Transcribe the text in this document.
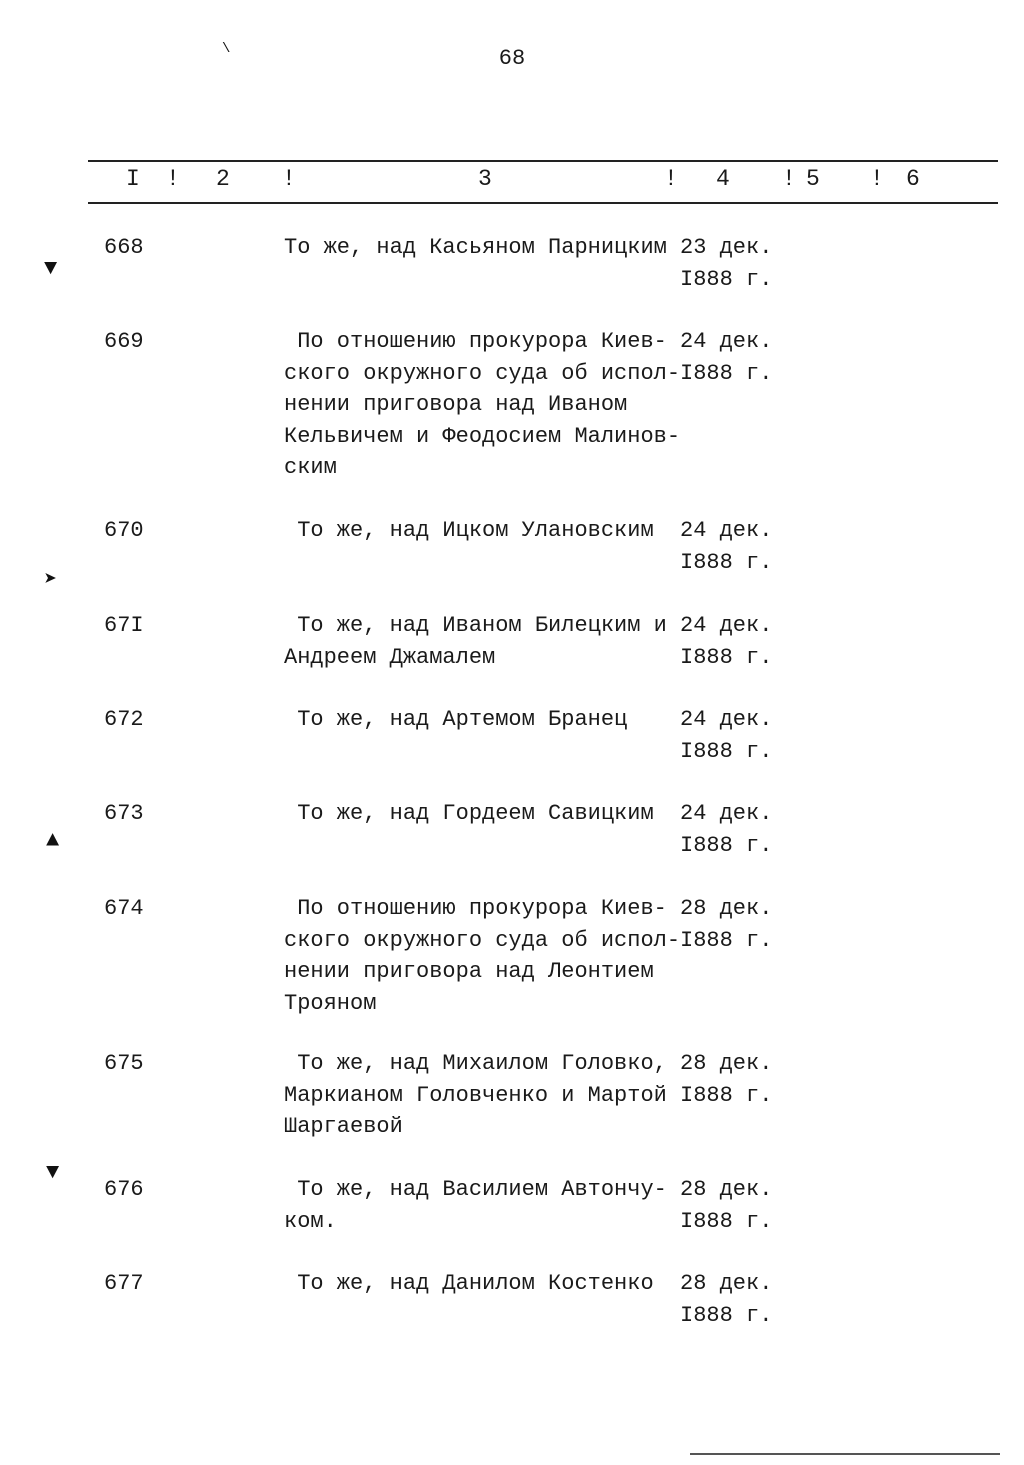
68
I ! 2 !	3	! 4 ! 5 ! 6
668	То же, над Касьяном Парницким 23 дек.
I888 г.
669	По отношению прокурора Киев-
ского окружного суда об испол-
нении приговора над Иваном
Кельвичем и Феодосием Малинов-
ским
24 дек.
I888 г.
670	То же, над Ицком Улановским	24 дек.
I888 г.
67I	То же, над Иваном Билецким и
Андреем Джамалем
24 дек.
I888 г.
672	То же, над Артемом Бранец	24 дек.
I888 г.
673	То же, над Гордеем Савицким	24 дек.
I888 г.
674	По отношению прокурора Киев-
ского окружного суда об испол-
нении приговора над Леонтием
Трояном
28 дек.
I888 г.
675	То же, над Михаилом Головко,
Маркианом Головченко и Мартой
Шаргаевой
28 дек.
I888 г.
676	То же, над Василием Автончу-
ком.
28 дек.
I888 г.
677	То же, над Данилом Костенко	28 дек.
I888 г.
▼
➤
▲
▼
\
